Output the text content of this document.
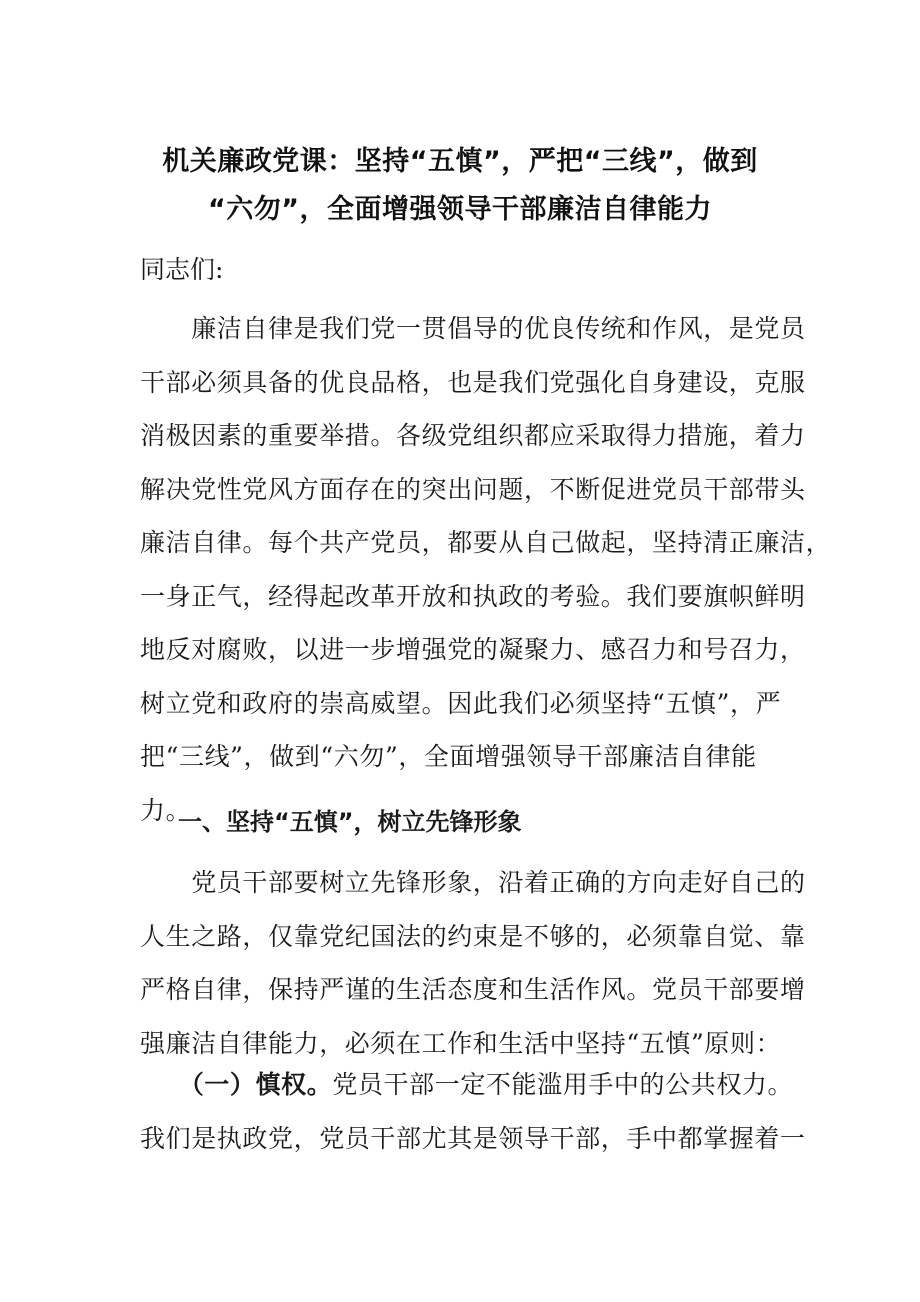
机关廉政党课：坚持“五慎”，严把“三线”，做到
“六勿”，全面增强领导干部廉洁自律能力
同志们:
　　廉洁自律是我们党一贯倡导的优良传统和作风，是党员
干部必须具备的优良品格，也是我们党强化自身建设，克服
消极因素的重要举措。各级党组织都应采取得力措施，着力
解决党性党风方面存在的突出问题，不断促进党员干部带头
廉洁自律。每个共产党员，都要从自己做起，坚持清正廉洁，
一身正气，经得起改革开放和执政的考验。我们要旗帜鲜明
地反对腐败，以进一步增强党的凝聚力、感召力和号召力，
树立党和政府的崇高威望。因此我们必须坚持“五慎”，严
把“三线”，做到“六勿”，全面增强领导干部廉洁自律能
力。
一、坚持“五慎”，树立先锋形象
　　党员干部要树立先锋形象，沿着正确的方向走好自己的
人生之路，仅靠党纪国法的约束是不够的，必须靠自觉、靠
严格自律，保持严谨的生活态度和生活作风。党员干部要增
强廉洁自律能力，必须在工作和生活中坚持“五慎”原则：
　　（一）慎权。党员干部一定不能滥用手中的公共权力。
我们是执政党，党员干部尤其是领导干部，手中都掌握着一
